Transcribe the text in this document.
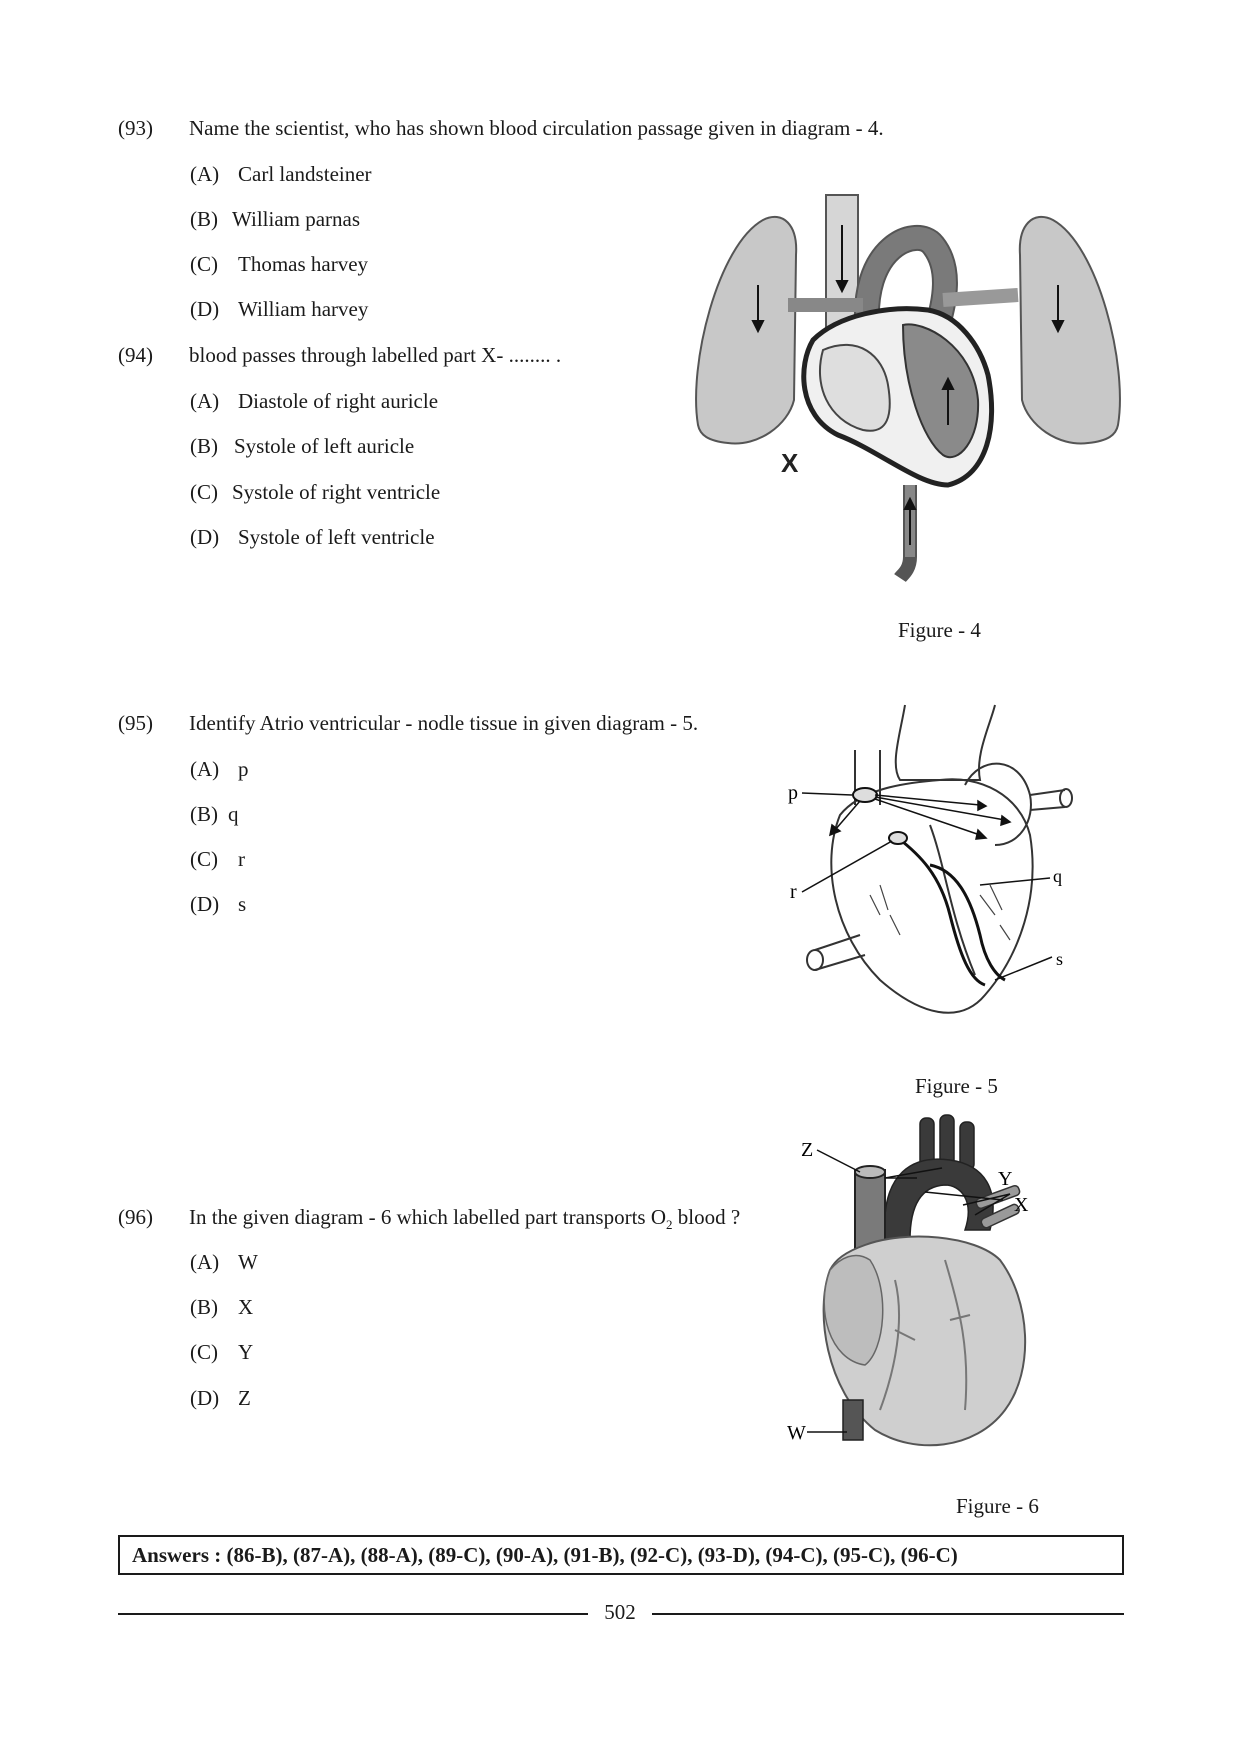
(93) Name the scientist, who has shown blood circulation passage given in diagram - 4.
(A) Carl landsteiner
(B) William parnas
(C) Thomas harvey
(D) William harvey
(94) blood passes through labelled part X- ........ .
(A) Diastole of right auricle
(B) Systole of left auricle
(C) Systole of right ventricle
(D) Systole of left ventricle
X
Figure - 4
(95) Identify Atrio ventricular - nodle tissue in given diagram - 5.
(A) p
(B) q
(C) r
(D) s
p
r
q
s
Figure - 5
(96) In the given diagram - 6 which labelled part transports $O_2$ blood ?
(A) W
(B) X
(C) Y
(D) Z
Z
Y
X
W
Figure - 6
Answers : (86-B), (87-A), (88-A), (89-C), (90-A), (91-B), (92-C), (93-D), (94-C), (95-C), (96-C)
502
